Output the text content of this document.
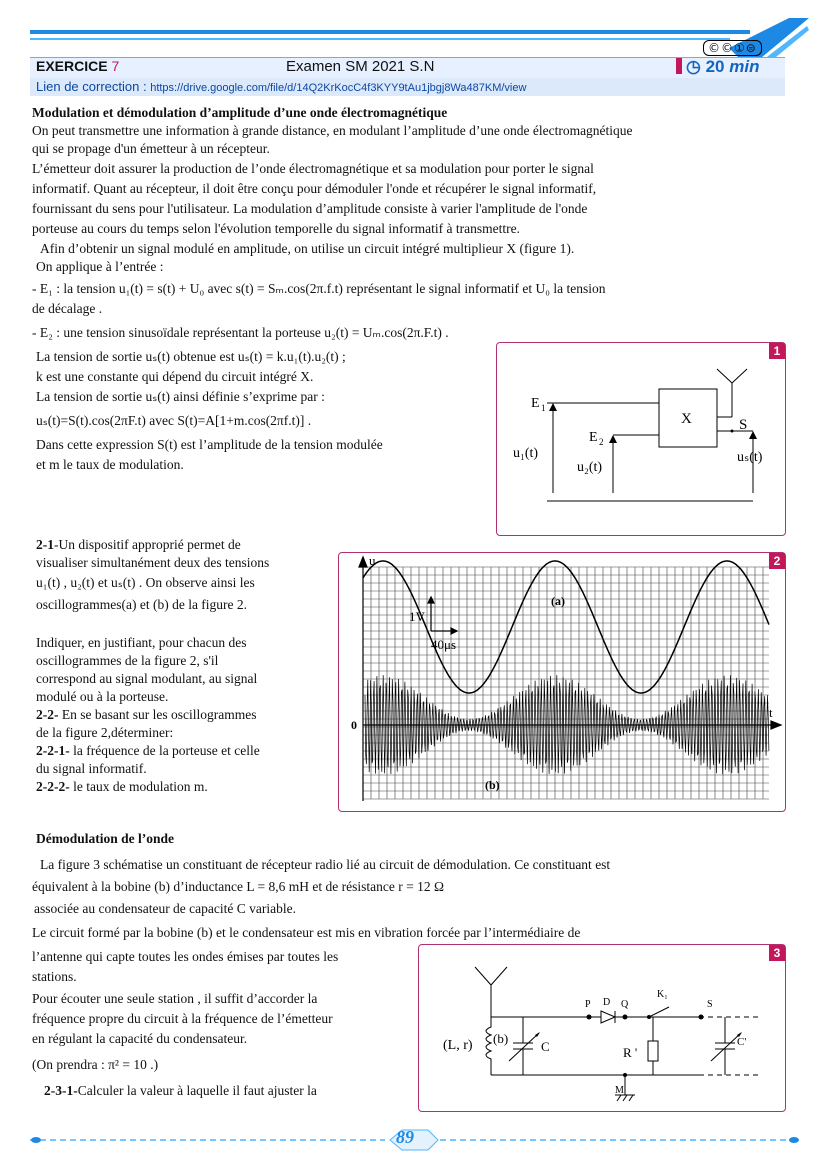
©©①⊜
EXERCICE 7	Examen SM 2021 S.N	◷ 20 min
Lien de correction : https://drive.google.com/file/d/14Q2KrKocC4f3KYY9tAu1jbgj8Wa487KM/view
Modulation et démodulation d’amplitude d’une onde électromagnétique
On peut transmettre une information à grande distance, en modulant l’amplitude d’une onde électromagnétique
qui se propage d'un émetteur à un récepteur.
L’émetteur doit assurer la production de l’onde électromagnétique et sa modulation pour porter le signal
informatif. Quant au récepteur, il doit être conçu pour démoduler l'onde et récupérer le signal informatif,
fournissant du sens pour l'utilisateur. La modulation d’amplitude consiste à varier l'amplitude de l'onde
porteuse au cours du temps selon l'évolution temporelle du signal informatif à transmettre.
Afin d’obtenir un signal modulé en amplitude, on utilise un circuit intégré multiplieur X (figure 1).
On applique à l’entrée :
- E₁ : la tension u₁(t) = s(t) + U₀ avec s(t) = Sₘ.cos(2π.f.t) représentant le signal informatif et U₀ la tension
de décalage .
- E₂ : une tension sinusoïdale représentant la porteuse u₂(t) = Uₘ.cos(2π.F.t) .
La tension de sortie uₛ(t) obtenue est uₛ(t) = k.u₁(t).u₂(t) ;
k est une constante qui dépend du circuit intégré X.
La tension de sortie uₛ(t) ainsi définie s’exprime par :
uₛ(t)=S(t).cos(2πF.t) avec S(t)=A[1+m.cos(2πf.t)] .
Dans cette expression S(t) est l’amplitude de la tension modulée
et m le taux de modulation.
1
E 1
E 2
X	S
u₁(t)
u₂(t)
uₛ(t)
2-1-Un dispositif approprié permet de
visualiser simultanément deux des tensions
u₁(t) , u₂(t) et uₛ(t) . On observe ainsi les
oscillogrammes(a) et (b) de la figure 2.
Indiquer, en justifiant, pour chacun des
oscillogrammes de la figure 2, s'il
correspond au signal modulant, au signal
modulé ou à la porteuse.
2-2- En se basant sur les oscillogrammes
de la figure 2,déterminer:
2-2-1- la fréquence de la porteuse et celle
du signal informatif.
2-2-2- le taux de modulation m.
2
u
t
0
1V
40μs
(a)
(b)
Démodulation de l’onde
La figure 3 schématise un constituant de récepteur radio lié au circuit de démodulation. Ce constituant est
équivalent à la bobine (b) d’inductance L = 8,6 mH et de résistance r = 12 Ω
associée au condensateur de capacité C variable.
Le circuit formé par la bobine (b) et le condensateur est mis en vibration forcée par l’intermédiaire de
l’antenne qui capte toutes les ondes émises par toutes les
stations.
Pour écouter une seule station , il suffit d’accorder la
fréquence propre du circuit à la fréquence de l’émetteur
en régulant la capacité du condensateur.
(On prendra : π² = 10 .)
2-3-1-Calculer la valeur à laquelle il faut ajuster la
3
(L, r) (b)
C
P D Q
K₁
S
R '
C'
M
89
